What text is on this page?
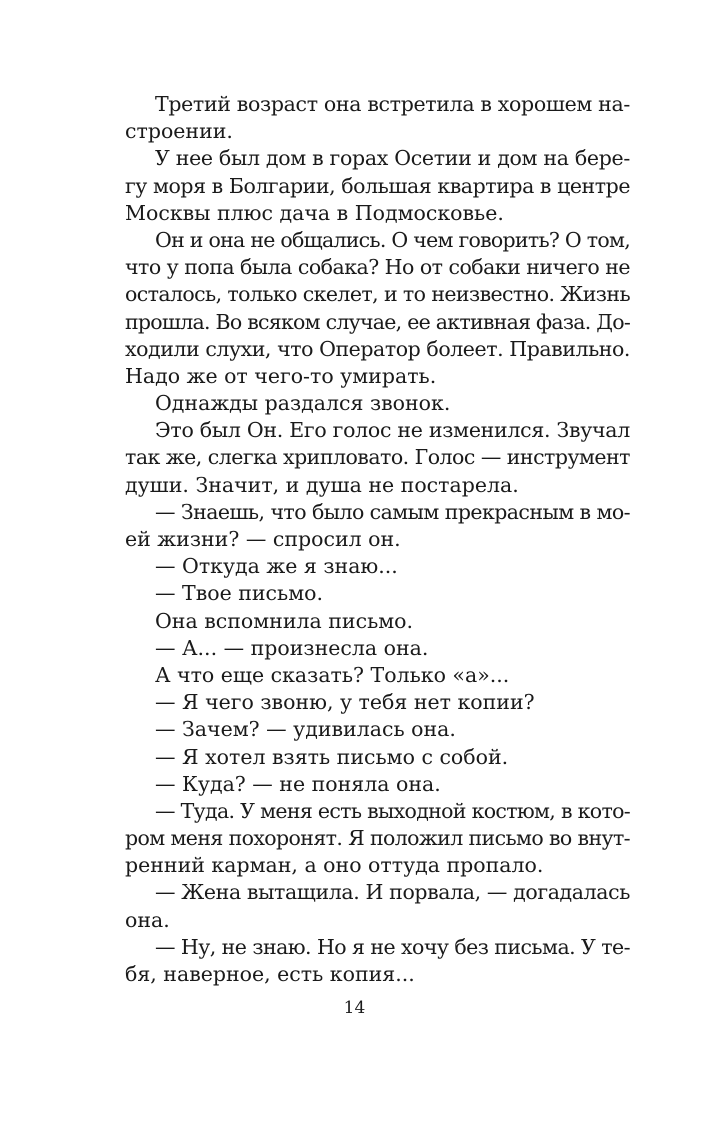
Третий возраст она встретила в хорошем на-
строении.
У нее был дом в горах Осетии и дом на бере-
гу моря в Болгарии, большая квартира в центре
Москвы плюс дача в Подмосковье.
Он и она не общались. О чем говорить? О том,
что у попа была собака? Но от собаки ничего не
осталось, только скелет, и то неизвестно. Жизнь
прошла. Во всяком случае, ее активная фаза. До-
ходили слухи, что Оператор болеет. Правильно.
Надо же от чего-то умирать.
Однажды раздался звонок.
Это был Он. Его голос не изменился. Звучал
так же, слегка хрипловато. Голос — инструмент
души. Значит, и душа не постарела.
— Знаешь, что было самым прекрасным в мо-
ей жизни? — спросил он.
— Откуда же я знаю...
— Твое письмо.
Она вспомнила письмо.
— А... — произнесла она.
А что еще сказать? Только «а»...
— Я чего звоню, у тебя нет копии?
— Зачем? — удивилась она.
— Я хотел взять письмо с собой.
— Куда? — не поняла она.
— Туда. У меня есть выходной костюм, в кото-
ром меня похоронят. Я положил письмо во внут-
ренний карман, а оно оттуда пропало.
— Жена вытащила. И порвала, — догадалась
она.
— Ну, не знаю. Но я не хочу без письма. У те-
бя, наверное, есть копия...
14
